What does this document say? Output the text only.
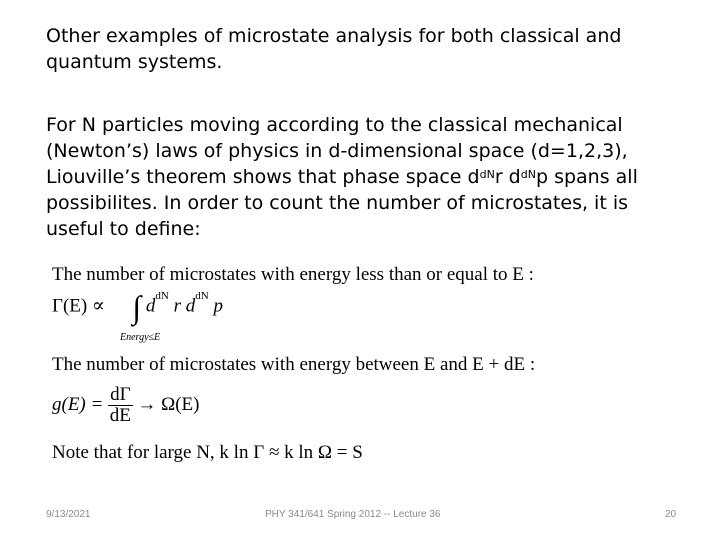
Other examples of microstate analysis for both classical and quantum systems.

For N particles moving according to the classical mechanical (Newton’s) laws of physics in d-dimensional space (d=1,2,3), Liouville’s theorem shows that phase space $d^{dN}r$ $d^{dN}p$ spans all possibilites. In order to count the number of microstates, it is useful to define:

The number of microstates with energy less than or equal to E :
Γ(E) ∝ ∫ $d^{dN}$ r $d^{dN}$ p
Energy≤E
The number of microstates with energy between E and E + dE :
$g(E) = \frac{d\Gamma}{dE} \to \Omega(E)$
Note that for large N, k ln Γ ≈ k ln Ω = S
9/13/2021	PHY 341/641 Spring 2012 -- Lecture 36	20
